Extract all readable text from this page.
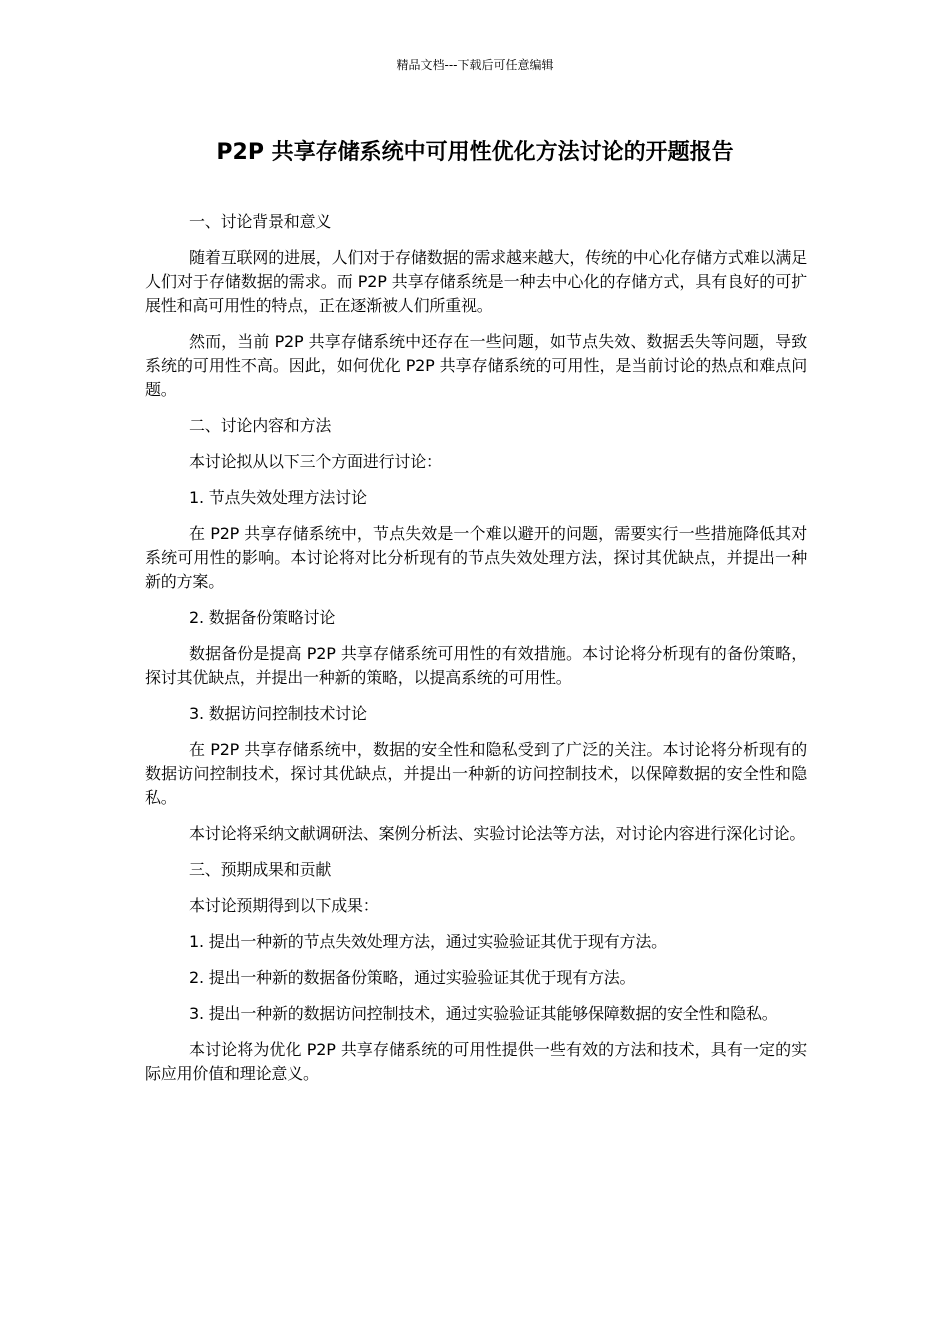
精品文档---下载后可任意编辑
P2P 共享存储系统中可用性优化方法讨论的开题报告

一、讨论背景和意义

随着互联网的进展，人们对于存储数据的需求越来越大，传统的中心化存储方式难以满足人们对于存储数据的需求。而 P2P 共享存储系统是一种去中心化的存储方式，具有良好的可扩展性和高可用性的特点，正在逐渐被人们所重视。

然而，当前 P2P 共享存储系统中还存在一些问题，如节点失效、数据丢失等问题，导致系统的可用性不高。因此，如何优化 P2P 共享存储系统的可用性，是当前讨论的热点和难点问题。

二、讨论内容和方法

本讨论拟从以下三个方面进行讨论：

1. 节点失效处理方法讨论

在 P2P 共享存储系统中，节点失效是一个难以避开的问题，需要实行一些措施降低其对系统可用性的影响。本讨论将对比分析现有的节点失效处理方法，探讨其优缺点，并提出一种新的方案。

2. 数据备份策略讨论

数据备份是提高 P2P 共享存储系统可用性的有效措施。本讨论将分析现有的备份策略，探讨其优缺点，并提出一种新的策略，以提高系统的可用性。

3. 数据访问控制技术讨论

在 P2P 共享存储系统中，数据的安全性和隐私受到了广泛的关注。本讨论将分析现有的数据访问控制技术，探讨其优缺点，并提出一种新的访问控制技术，以保障数据的安全性和隐私。

本讨论将采纳文献调研法、案例分析法、实验讨论法等方法，对讨论内容进行深化讨论。

三、预期成果和贡献

本讨论预期得到以下成果：

1. 提出一种新的节点失效处理方法，通过实验验证其优于现有方法。

2. 提出一种新的数据备份策略，通过实验验证其优于现有方法。

3. 提出一种新的数据访问控制技术，通过实验验证其能够保障数据的安全性和隐私。

本讨论将为优化 P2P 共享存储系统的可用性提供一些有效的方法和技术，具有一定的实际应用价值和理论意义。
